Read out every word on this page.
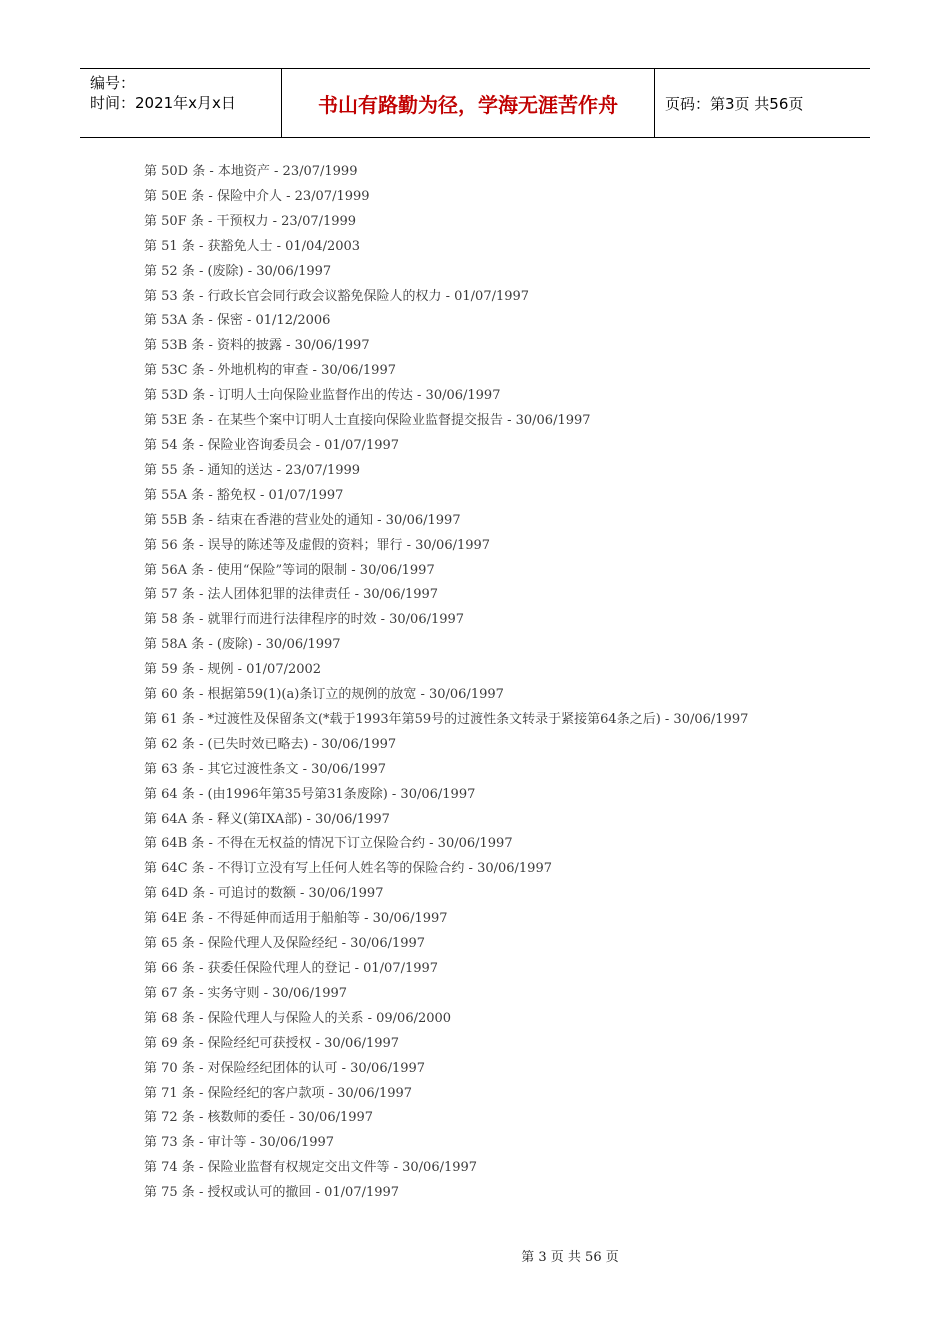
编号：
时间：2021年x月x日	书山有路勤为径，学海无涯苦作舟	页码：第3页 共56页
第 50D 条 - 本地资产 - 23/07/1999
第 50E 条 - 保险中介人 - 23/07/1999
第 50F 条 - 干预权力 - 23/07/1999
第 51 条 - 获豁免人士 - 01/04/2003
第 52 条 - (废除) - 30/06/1997
第 53 条 - 行政长官会同行政会议豁免保险人的权力 - 01/07/1997
第 53A 条 - 保密 - 01/12/2006
第 53B 条 - 资料的披露 - 30/06/1997
第 53C 条 - 外地机构的审查 - 30/06/1997
第 53D 条 - 订明人士向保险业监督作出的传达 - 30/06/1997
第 53E 条 - 在某些个案中订明人士直接向保险业监督提交报告 - 30/06/1997
第 54 条 - 保险业咨询委员会 - 01/07/1997
第 55 条 - 通知的送达 - 23/07/1999
第 55A 条 - 豁免权 - 01/07/1997
第 55B 条 - 结束在香港的营业处的通知 - 30/06/1997
第 56 条 - 误导的陈述等及虚假的资料；罪行 - 30/06/1997
第 56A 条 - 使用“保险”等词的限制 - 30/06/1997
第 57 条 - 法人团体犯罪的法律责任 - 30/06/1997
第 58 条 - 就罪行而进行法律程序的时效 - 30/06/1997
第 58A 条 - (废除) - 30/06/1997
第 59 条 - 规例 - 01/07/2002
第 60 条 - 根据第59(1)(a)条订立的规例的放宽 - 30/06/1997
第 61 条 - *过渡性及保留条文(*载于1993年第59号的过渡性条文转录于紧接第64条之后) - 30/06/1997
第 62 条 - (已失时效已略去) - 30/06/1997
第 63 条 - 其它过渡性条文 - 30/06/1997
第 64 条 - (由1996年第35号第31条废除) - 30/06/1997
第 64A 条 - 释义(第IXA部) - 30/06/1997
第 64B 条 - 不得在无权益的情况下订立保险合约 - 30/06/1997
第 64C 条 - 不得订立没有写上任何人姓名等的保险合约 - 30/06/1997
第 64D 条 - 可追讨的数额 - 30/06/1997
第 64E 条 - 不得延伸而适用于船舶等 - 30/06/1997
第 65 条 - 保险代理人及保险经纪 - 30/06/1997
第 66 条 - 获委任保险代理人的登记 - 01/07/1997
第 67 条 - 实务守则 - 30/06/1997
第 68 条 - 保险代理人与保险人的关系 - 09/06/2000
第 69 条 - 保险经纪可获授权 - 30/06/1997
第 70 条 - 对保险经纪团体的认可 - 30/06/1997
第 71 条 - 保险经纪的客户款项 - 30/06/1997
第 72 条 - 核数师的委任 - 30/06/1997
第 73 条 - 审计等 - 30/06/1997
第 74 条 - 保险业监督有权规定交出文件等 - 30/06/1997
第 75 条 - 授权或认可的撤回 - 01/07/1997
第 3 页 共 56 页
